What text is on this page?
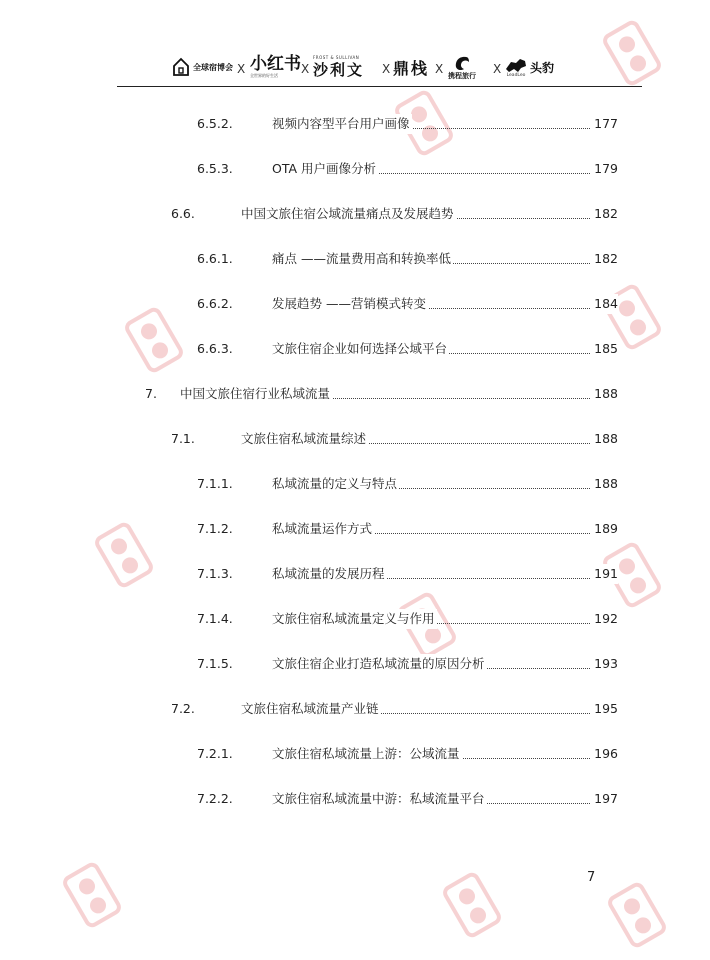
全球宿博会 X 小红书
全世界的好生活 X
FROST & SULLIVAN
沙利文 X 鼎栈 X 携程旅行 X LeadLeo
头豹
6.5.2.	视频内容型平台用户画像	177
6.5.3.	OTA 用户画像分析	179
6.6.	中国文旅住宿公域流量痛点及发展趋势	182
6.6.1.	痛点 ——流量费用高和转换率低	182
6.6.2.	发展趋势 ——营销模式转变	184
6.6.3.	文旅住宿企业如何选择公域平台	185
7. 中国文旅住宿行业私域流量	188
7.1.	文旅住宿私域流量综述	188
7.1.1.	私域流量的定义与特点	188
7.1.2.	私域流量运作方式	189
7.1.3.	私域流量的发展历程	191
7.1.4.	文旅住宿私域流量定义与作用	192
7.1.5.	文旅住宿企业打造私域流量的原因分析	193
7.2.	文旅住宿私域流量产业链	195
7.2.1.	文旅住宿私域流量上游：公域流量	196
7.2.2.	文旅住宿私域流量中游：私域流量平台	197
7
